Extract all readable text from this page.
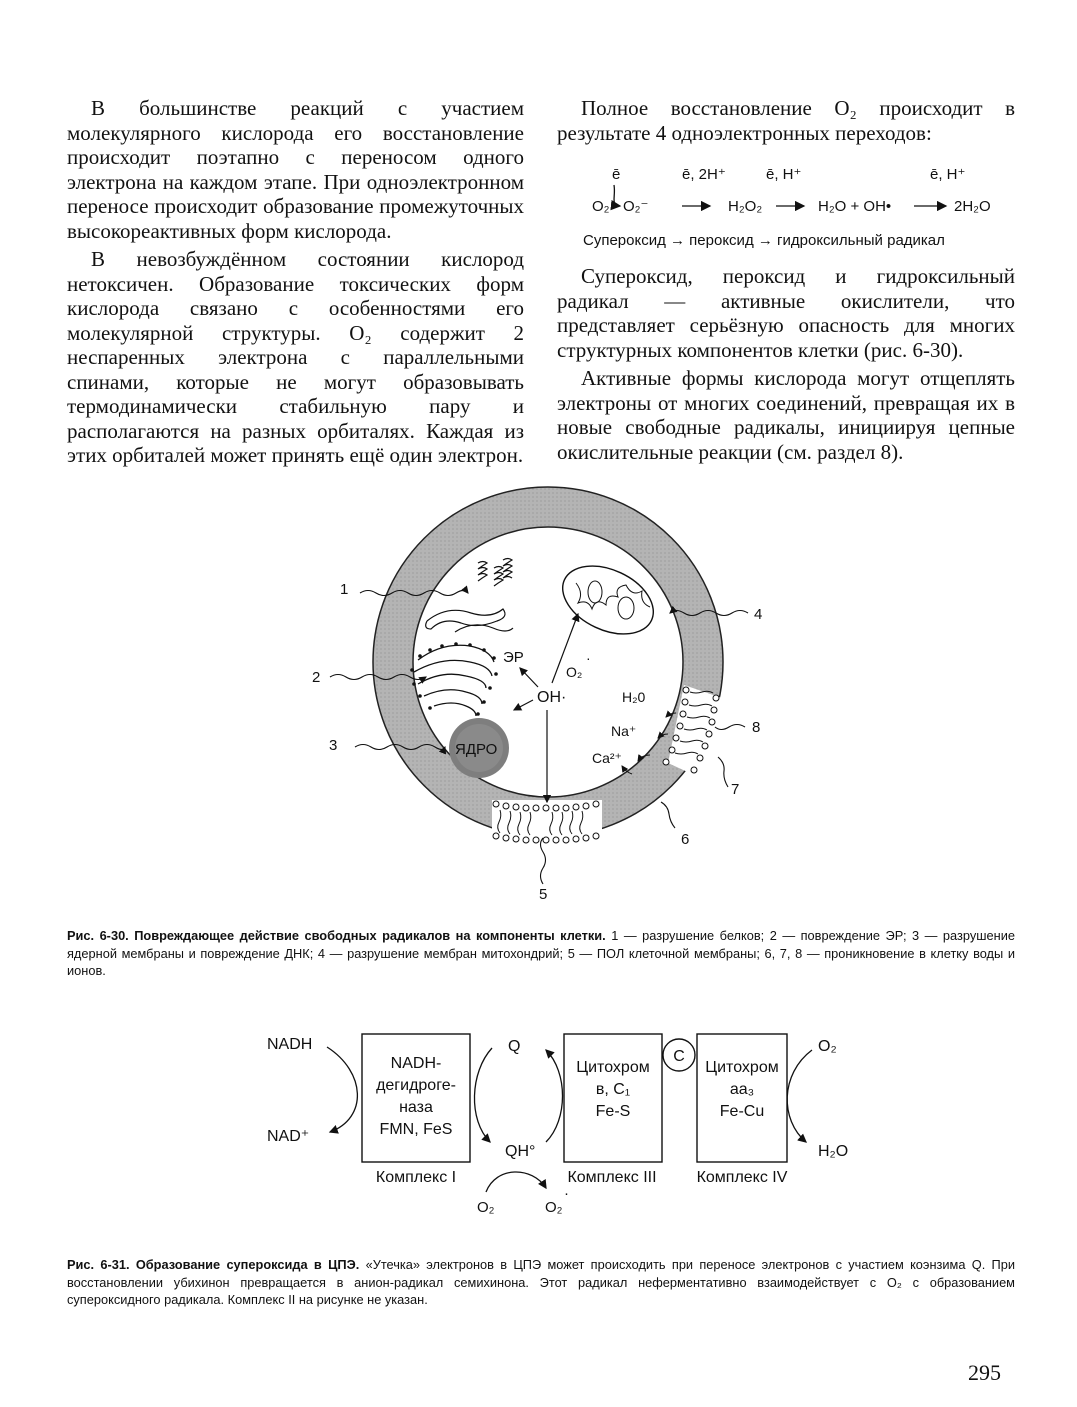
В большинстве реакций с участием молекулярного кислорода его восстановление происходит поэтапно с переносом одного электрона на каждом этапе. При одноэлектронном переносе происходит образование промежуточных высокореактивных форм кислорода.

В невозбуждённом состоянии кислород нетоксичен. Образование токсических форм кислорода связано с особенностями его молекулярной структуры. O₂ содержит 2 неспаренных электрона с параллельными спинами, которые не могут образовывать термодинамически стабильную пару и располагаются на разных орбиталях. Каждая из этих орбиталей может принять ещё один электрон.

Полное восстановление O₂ происходит в результате 4 одноэлектронных переходов:

ē	ē, 2H⁺	ē, H⁺	ē, H⁺
O₂ O₂⁻	H₂O₂	H₂O + OH•	2H₂O
Супероксид → пероксид → гидроксильный радикал

Супероксид, пероксид и гидроксильный радикал — активные окислители, что представляет серьёзную опасность для многих структурных компонентов клетки (рис. 6-30).

Активные формы кислорода могут отщеплять электроны от многих соединений, превращая их в новые свободные радикалы, инициируя цепные окислительные реакции (см. раздел 8).

ЯДРО
OH·
ЭР
O₂
·
H₂0
Na⁺
Ca²⁺
1
2
3
4
5
6
7
8
Рис. 6-30. Повреждающее действие свободных радикалов на компоненты клетки. 1 — разрушение белков; 2 — повреждение ЭР; 3 — разрушение ядерной мембраны и повреждение ДНК; 4 — разрушение мембран митохондрий; 5 — ПОЛ клеточной мембраны; 6, 7, 8 — проникновение в клетку воды и ионов.
NADH-
дегидроге-
наза
FMN, FeS
Цитохром
в, С₁
Fe-S
Цитохром
aa₃
Fe-Cu
C
NADH
NAD⁺
Q
QH°
O₂	O₂
·
O₂
H₂O
Комплекс I	Комплекс III	Комплекс IV
Рис. 6-31. Образование супероксида в ЦПЭ. «Утечка» электронов в ЦПЭ может происходить при переносе электронов с участием коэнзима Q. При восстановлении убихинон превращается в анион-радикал семихинона. Этот радикал неферментативно взаимодействует с O₂ с образованием супероксидного радикала. Комплекс II на рисунке не указан.
295
